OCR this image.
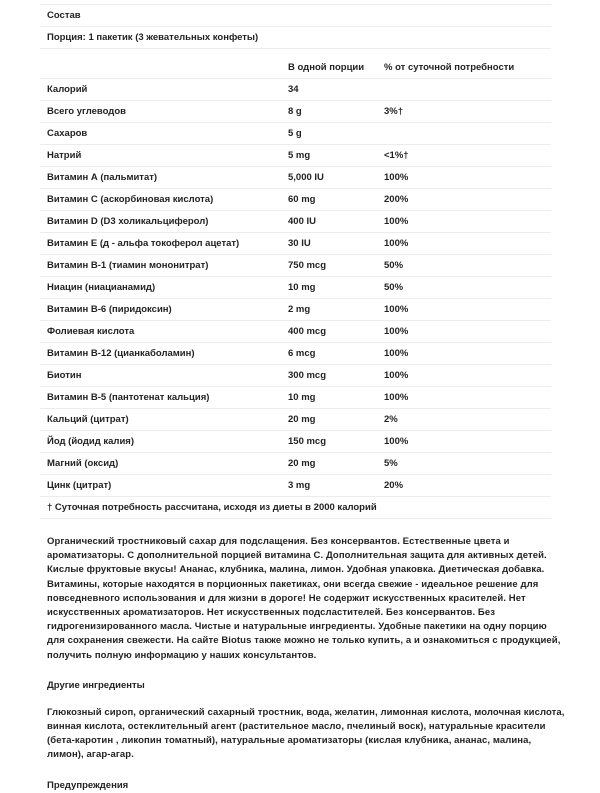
Состав		
Порция: 1 пакетик (3 жевательных конфеты)		

	В одной порции	% от суточной потребности
Калорий	34	
Всего углеводов	8 g	3%†
Сахаров	5 g	
Натрий	5 mg	<1%†
Витамин А (пальмитат)	5,000 IU	100%
Витамин С (аскорбиновая кислота)	60 mg	200%
Витамин D (D3 холикальциферол)	400 IU	100%
Витамин Е (д - альфа токоферол ацетат)	30 IU	100%
Витамин B-1 (тиамин мононитрат)	750 mcg	50%
Ниацин (ниацианамид)	10 mg	50%
Витамин B-6 (пиридоксин)	2 mg	100%
Фолиевая кислота	400 mcg	100%
Витамин B-12 (цианкаболамин)	6 mcg	100%
Биотин	300 mcg	100%
Витамин B-5 (пантотенат кальция)	10 mg	100%
Кальций (цитрат)	20 mg	2%
Йод (йодид калия)	150 mcg	100%
Магний (оксид)	20 mg	5%
Цинк (цитрат)	3 mg	20%
† Суточная потребность рассчитана, исходя из диеты в 2000 калорий		

Органический тростниковый сахар для подслащения. Без консервантов. Естественные цвета и ароматизаторы. С дополнительной порцией витамина С. Дополнительная защита для активных детей. Кислые фруктовые вкусы! Ананас, клубника, малина, лимон. Удобная упаковка. Диетическая добавка. Витамины, которые находятся в порционных пакетиках, они всегда свежие - идеальное решение для повседневного использования и для жизни в дороге! Не содержит искусственных красителей. Нет искусственных ароматизаторов. Нет искусственных подсластителей. Без консервантов. Без гидрогенизированного масла. Чистые и натуральные ингредиенты. Удобные пакетики на одну порцию для сохранения свежести. На сайте Biotus также можно не только купить, а и ознакомиться с продукцией, получить полную информацию у наших консультантов.

Другие ингредиенты

Глюкозный сироп, органический сахарный тростник, вода, желатин, лимонная кислота, молочная кислота, винная кислота, остеклительный агент (растительное масло, пчелиный воск), натуральные красители (бета-каротин , ликопин томатный), натуральные ароматизаторы (кислая клубника, ананас, малина, лимон), агар-агар.

Предупреждения
